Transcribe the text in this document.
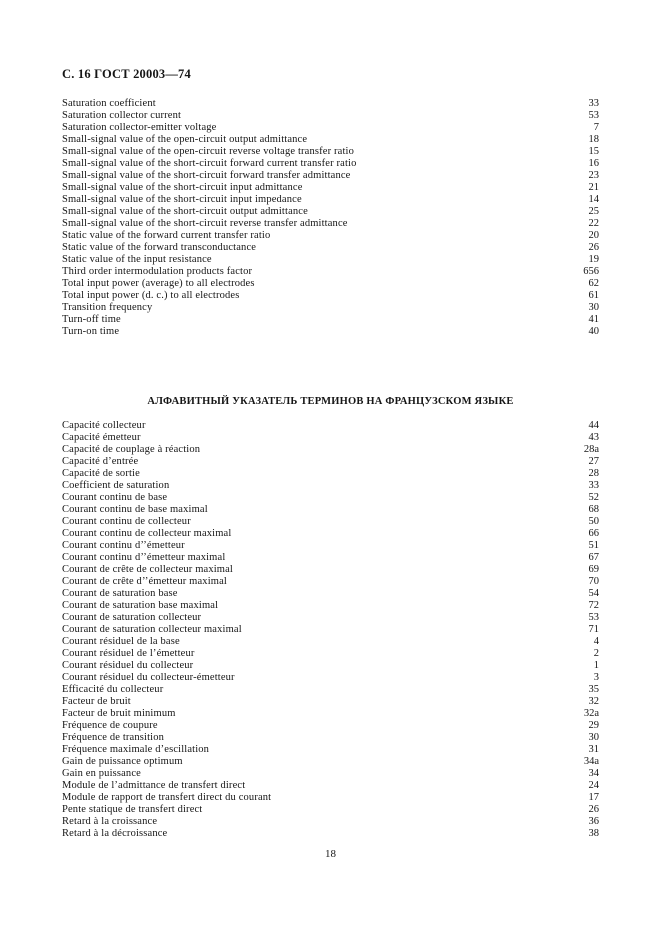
С. 16 ГОСТ 20003—74
Saturation coefficient	33
Saturation collector current	53
Saturation collector-emitter voltage	7
Small-signal value of the open-circuit output admittance	18
Small-signal value of the open-circuit reverse voltage transfer ratio	15
Small-signal value of the short-circuit forward current transfer ratio	16
Small-signal value of the short-circuit forward transfer admittance	23
Small-signal value of the short-circuit input admittance	21
Small-signal value of the short-circuit input impedance	14
Small-signal value of the short-circuit output admittance	25
Small-signal value of the short-circuit reverse transfer admittance	22
Static value of the forward current transfer ratio	20
Static value of the forward transconductance	26
Static value of the input resistance	19
Third order intermodulation products factor	656
Total input power (average) to all electrodes	62
Total input power (d. c.) to all electrodes	61
Transition frequency	30
Turn-off time	41
Turn-on time	40
АЛФАВИТНЫЙ УКАЗАТЕЛЬ ТЕРМИНОВ НА ФРАНЦУЗСКОМ ЯЗЫКЕ
Capacité collecteur	44
Capacité émetteur	43
Capacité de couplage à réaction	28a
Capacité d’entrée	27
Capacité de sortie	28
Coefficient de saturation	33
Courant continu de base	52
Courant continu de base maximal	68
Courant continu de collecteur	50
Courant continu de collecteur maximal	66
Courant continu d’’émetteur	51
Courant continu d’’émetteur maximal	67
Courant de crête de collecteur maximal	69
Courant de crête d’’émetteur maximal	70
Courant de saturation base	54
Courant de saturation base maximal	72
Courant de saturation collecteur	53
Courant de saturation collecteur maximal	71
Courant résiduel de la base	4
Courant résiduel de l’émetteur	2
Courant résiduel du collecteur	1
Courant résiduel du collecteur-émetteur	3
Efficacité du collecteur	35
Facteur de bruit	32
Facteur de bruit minimum	32a
Fréquence de coupure	29
Fréquence de transition	30
Fréquence maximale d’escillation	31
Gain de puissance optimum	34a
Gain en puissance	34
Module de l’admittance de transfert direct	24
Module de rapport de transfert direct du courant	17
Pente statique de transfert direct	26
Retard à la croissance	36
Retard à la décroissance	38
18
